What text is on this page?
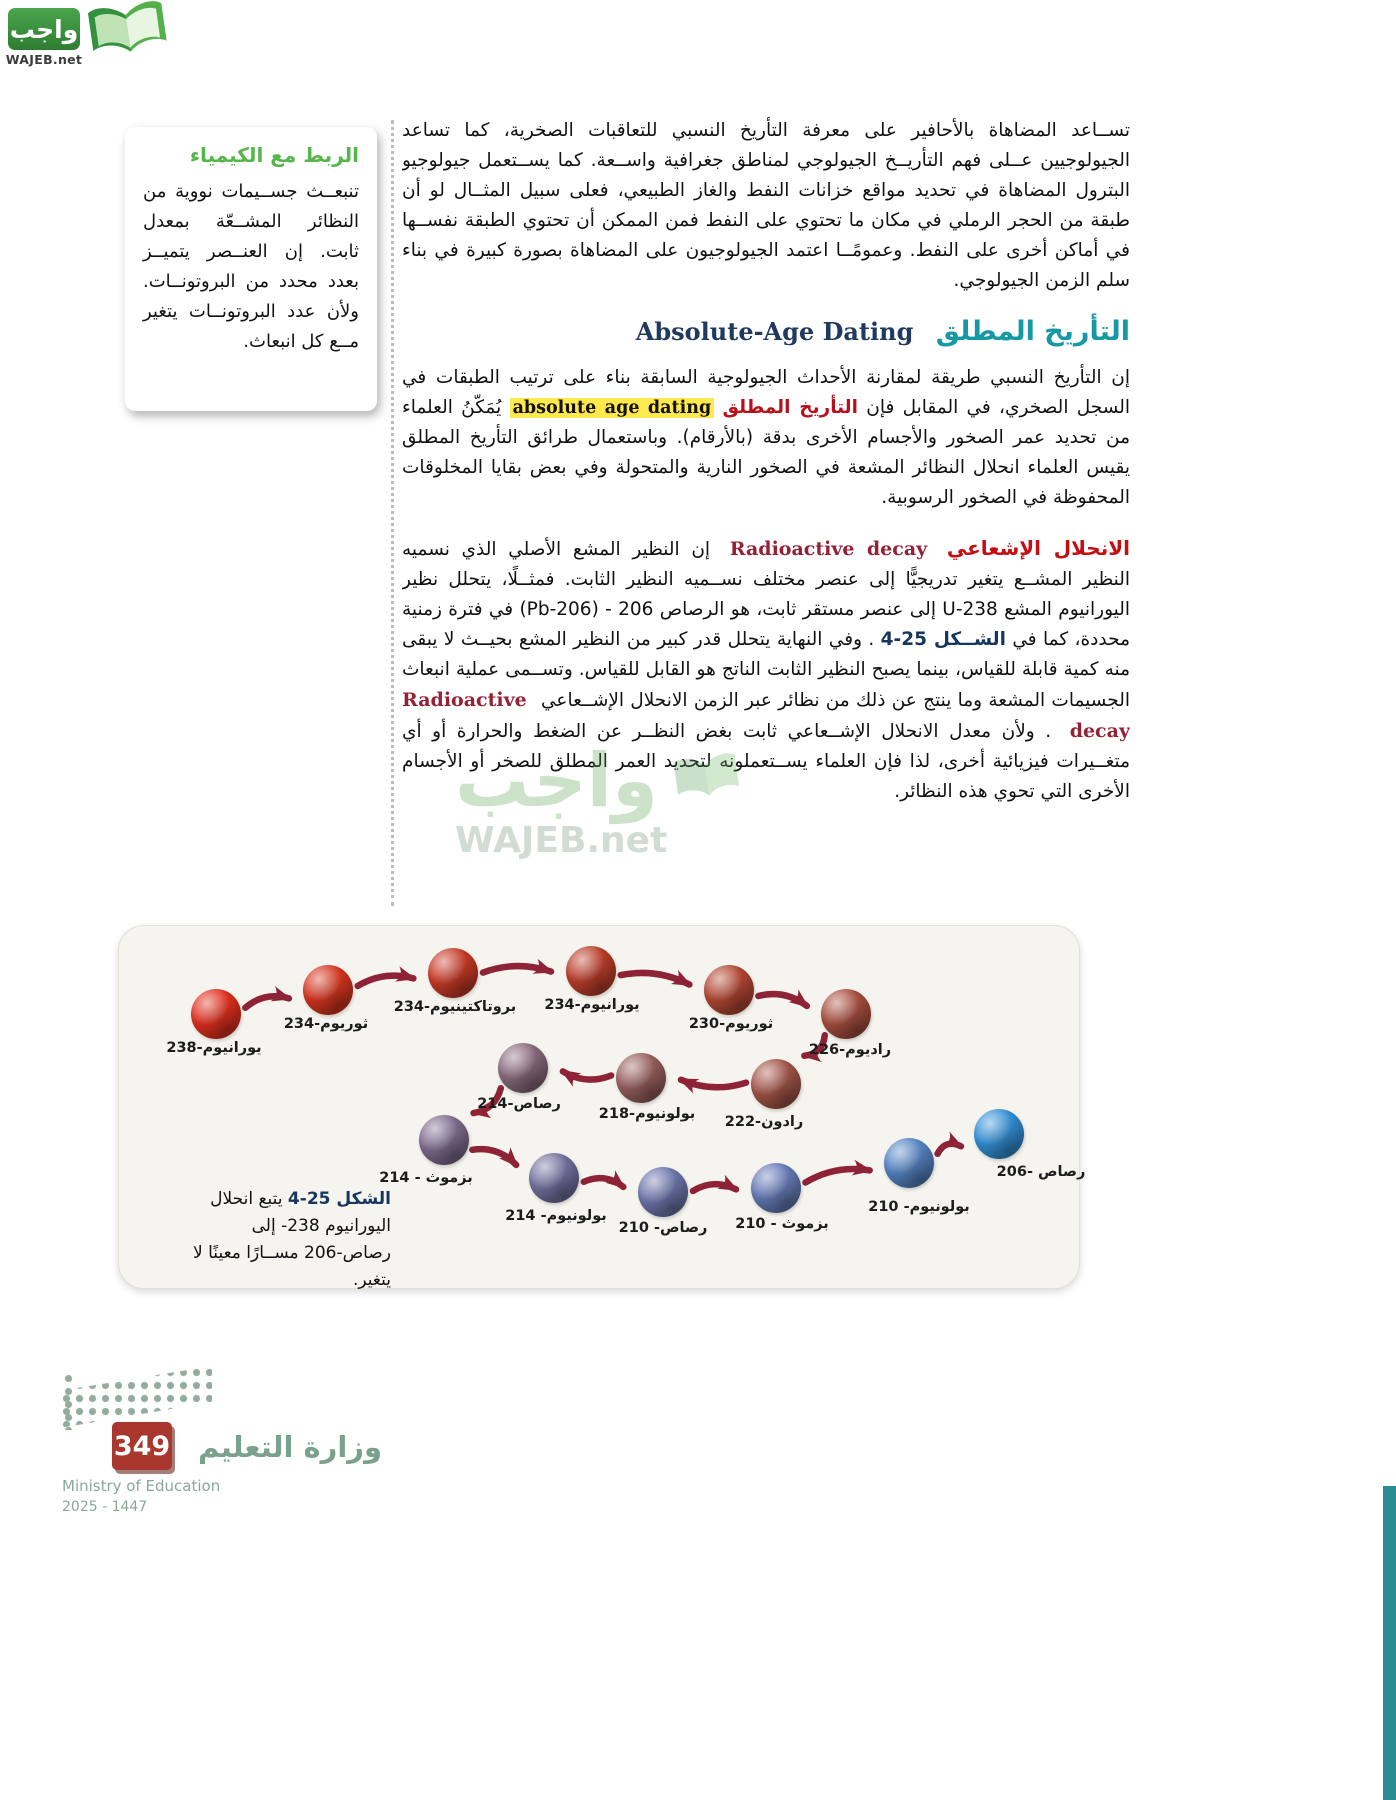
واجب
WAJEB.net
الربط مع الكيمياء

تنبعــث جســيمات نووية من النظائر المشــعّة بمعدل ثابت. إن العنــصر يتميــز بعدد محدد من البروتونــات. ولأن عدد البروتونــات يتغير مــع كل انبعاث.

تســاعد المضاهاة بالأحافير على معرفة التأريخ النسبي للتعاقبات الصخرية، كما تساعد الجيولوجيين عــلى فهم التأريــخ الجيولوجي لمناطق جغرافية واســعة. كما يســتعمل جيولوجيو البترول المضاهاة في تحديد مواقع خزانات النفط والغاز الطبيعي، فعلى سبيل المثــال لو أن طبقة من الحجر الرملي في مكان ما تحتوي على النفط فمن الممكن أن تحتوي الطبقة نفســها في أماكن أخرى على النفط. وعمومًــا اعتمد الجيولوجيون على المضاهاة بصورة كبيرة في بناء سلم الزمن الجيولوجي.

التأريخ المطلق Absolute-Age Dating

إن التأريخ النسبي طريقة لمقارنة الأحداث الجيولوجية السابقة بناء على ترتيب الطبقات في السجل الصخري، في المقابل فإن التأريخ المطلق absolute age dating يُمَكّنُ العلماء من تحديد عمر الصخور والأجسام الأخرى بدقة (بالأرقام). وباستعمال طرائق التأريخ المطلق يقيس العلماء انحلال النظائر المشعة في الصخور النارية والمتحولة وفي بعض بقايا المخلوقات المحفوظة في الصخور الرسوبية.

الانحلال الإشعاعي Radioactive decay إن النظير المشع الأصلي الذي نسميه النظير المشــع يتغير تدريجيًّا إلى عنصر مختلف نســميه النظير الثابت. فمثــلًا، يتحلل نظير اليورانيوم المشع U-238 إلى عنصر مستقر ثابت، هو الرصاص 206 - (Pb-206) في فترة زمنية محددة، كما في الشــكل 25-4 . وفي النهاية يتحلل قدر كبير من النظير المشع بحيــث لا يبقى منه كمية قابلة للقياس، بينما يصبح النظير الثابت الناتج هو القابل للقياس. وتســمى عملية انبعاث الجسيمات المشعة وما ينتج عن ذلك من نظائر عبر الزمن الانحلال الإشــعاعي Radioactive decay . ولأن معدل الانحلال الإشــعاعي ثابت بغض النظــر عن الضغط والحرارة أو أي متغــيرات فيزيائية أخرى، لذا فإن العلماء يســتعملونه لتحديد العمر المطلق للصخر أو الأجسام الأخرى التي تحوي هذه النظائر.

واجب
WAJEB.net
يورانيوم-238
ثوريوم-234
بروتاكتينيوم-234 يورانيوم-234
ثوريوم-230
راديوم-226
رادون-222
بولونيوم-218
رصاص-214
بزموث - 214
بولونيوم- 214
رصاص- 210 بزموث - 210
بولونيوم- 210
رصاص -206
الشكل 25-4 يتبع انحلال اليورانيوم 238- إلى رصاص-206 مســارًا معينًا لا يتغير.
349 وزارة التعليم
Ministry of Education
2025 - 1447
